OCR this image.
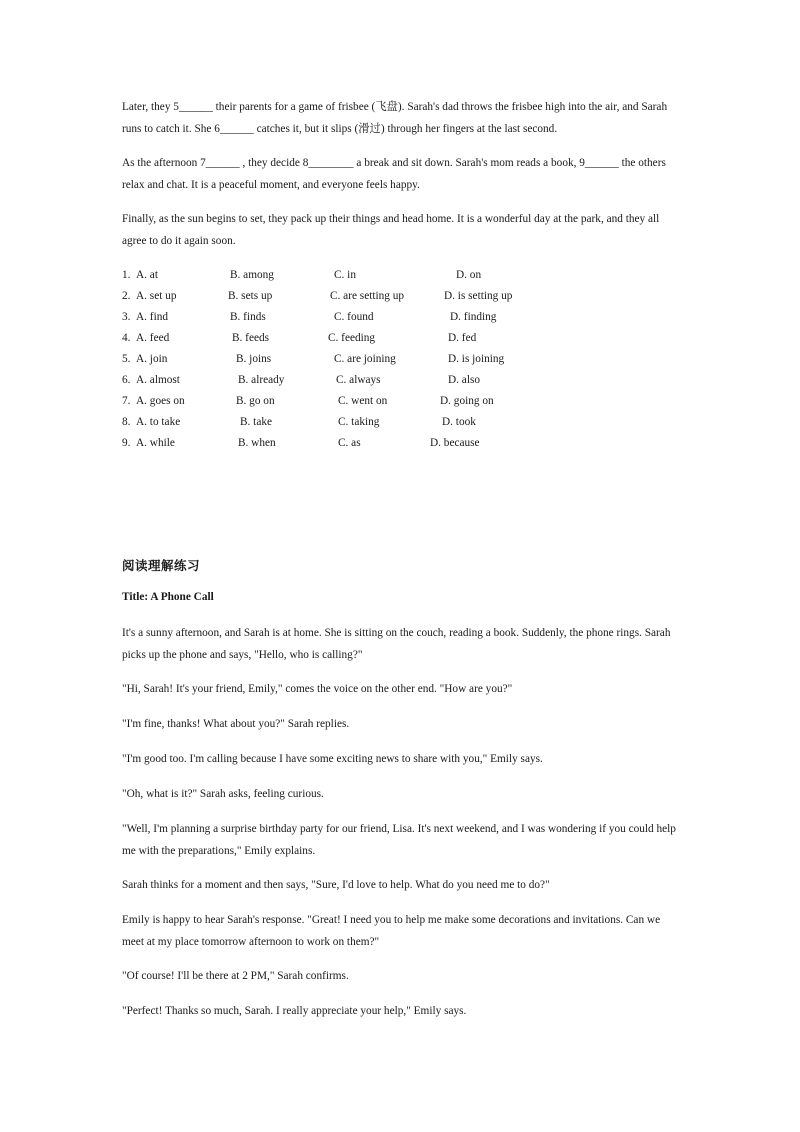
Later, they 5______ their parents for a game of frisbee (飞盘). Sarah's dad throws the frisbee high into the air, and Sarah runs to catch it. She 6______ catches it, but it slips (滑过) through her fingers at the last second.

As the afternoon 7______ , they decide 8________ a break and sit down. Sarah's mom reads a book, 9______ the others relax and chat. It is a peaceful moment, and everyone feels happy.

Finally, as the sun begins to set, they pack up their things and head home. It is a wonderful day at the park, and they all agree to do it again soon.

1. A. at	B. among	C. in	D. on
2. A. set up	B. sets up	C. are setting up	D. is setting up
3. A. find	B. finds	C. found	D. finding
4. A. feed	B. feeds	C. feeding	D. fed
5. A. join	B. joins	C. are joining	D. is joining
6. A. almost	B. already	C. always	D. also
7. A. goes on	B. go on	C. went on	D. going on
8. A. to take	B. take	C. taking	D. took
9. A. while	B. when	C. as	D. because
阅读理解练习
Title: A Phone Call

It's a sunny afternoon, and Sarah is at home. She is sitting on the couch, reading a book. Suddenly, the phone rings. Sarah picks up the phone and says, "Hello, who is calling?"

"Hi, Sarah! It's your friend, Emily," comes the voice on the other end. "How are you?"

"I'm fine, thanks! What about you?" Sarah replies.

"I'm good too. I'm calling because I have some exciting news to share with you," Emily says.

"Oh, what is it?" Sarah asks, feeling curious.

"Well, I'm planning a surprise birthday party for our friend, Lisa. It's next weekend, and I was wondering if you could help me with the preparations," Emily explains.

Sarah thinks for a moment and then says, "Sure, I'd love to help. What do you need me to do?"

Emily is happy to hear Sarah's response. "Great! I need you to help me make some decorations and invitations. Can we meet at my place tomorrow afternoon to work on them?"

"Of course! I'll be there at 2 PM," Sarah confirms.

"Perfect! Thanks so much, Sarah. I really appreciate your help," Emily says.
